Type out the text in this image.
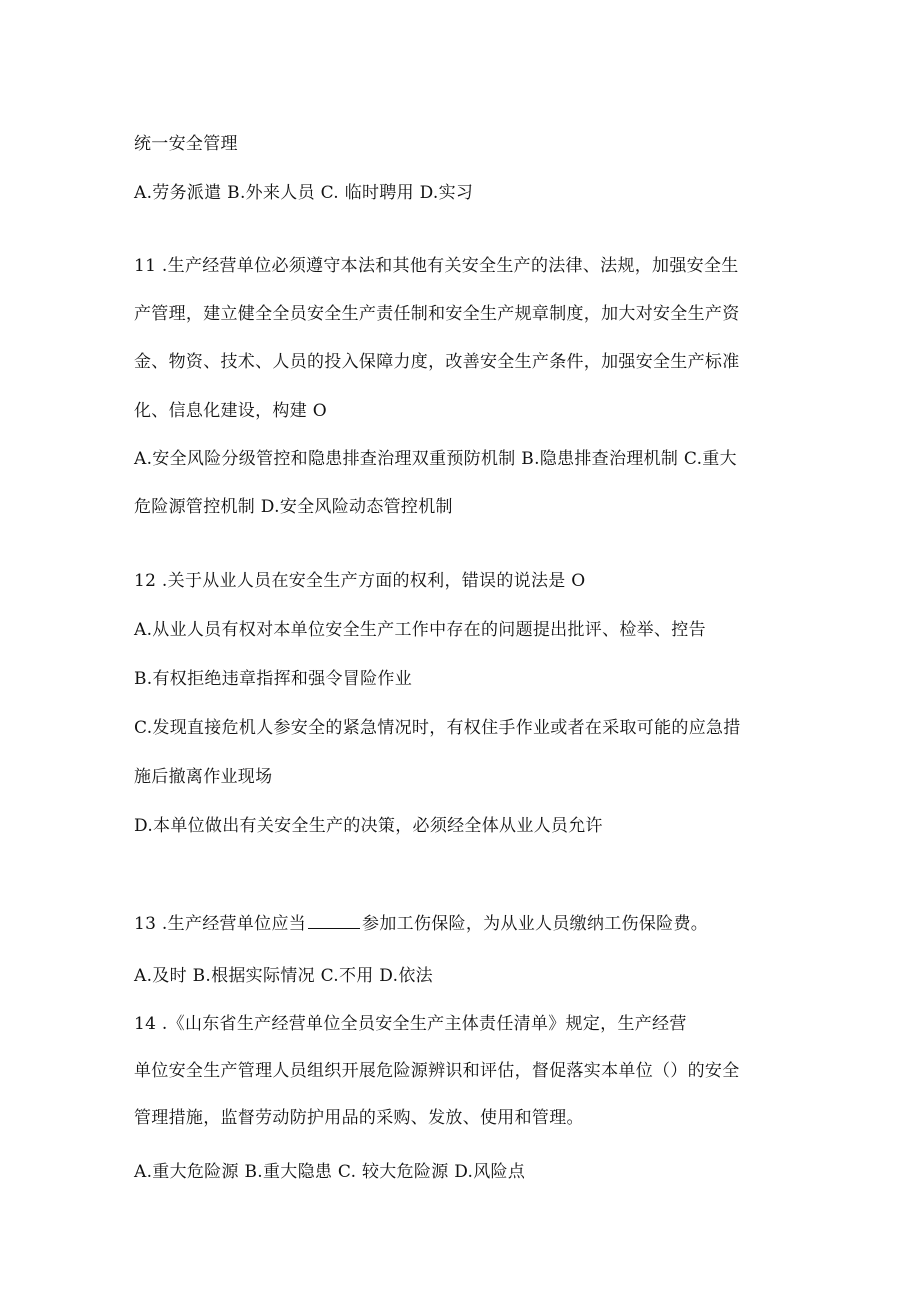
统一安全管理
A.劳务派遣 B.外来人员 C. 临时聘用 D.实习
11 .生产经营单位必须遵守本法和其他有关安全生产的法律、法规，加强安全生
产管理，建立健全全员安全生产责任制和安全生产规章制度，加大对安全生产资
金、物资、技术、人员的投入保障力度，改善安全生产条件，加强安全生产标准
化、信息化建设，构建 O
A.安全风险分级管控和隐患排查治理双重预防机制 B.隐患排查治理机制 C.重大
危险源管控机制 D.安全风险动态管控机制
12 .关于从业人员在安全生产方面的权利，错误的说法是 O
A.从业人员有权对本单位安全生产工作中存在的问题提出批评、检举、控告
B.有权拒绝违章指挥和强令冒险作业
C.发现直接危机人参安全的紧急情况时，有权住手作业或者在采取可能的应急措
施后撤离作业现场
D.本单位做出有关安全生产的决策，必须经全体从业人员允许
13 .生产经营单位应当	参加工伤保险，为从业人员缴纳工伤保险费。
A.及时 B.根据实际情况 C.不用 D.依法
14 .《山东省生产经营单位全员安全生产主体责任清单》规定，生产经营
单位安全生产管理人员组织开展危险源辨识和评估，督促落实本单位（）的安全
管理措施，监督劳动防护用品的采购、发放、使用和管理。
A.重大危险源 B.重大隐患 C. 较大危险源 D.风险点
